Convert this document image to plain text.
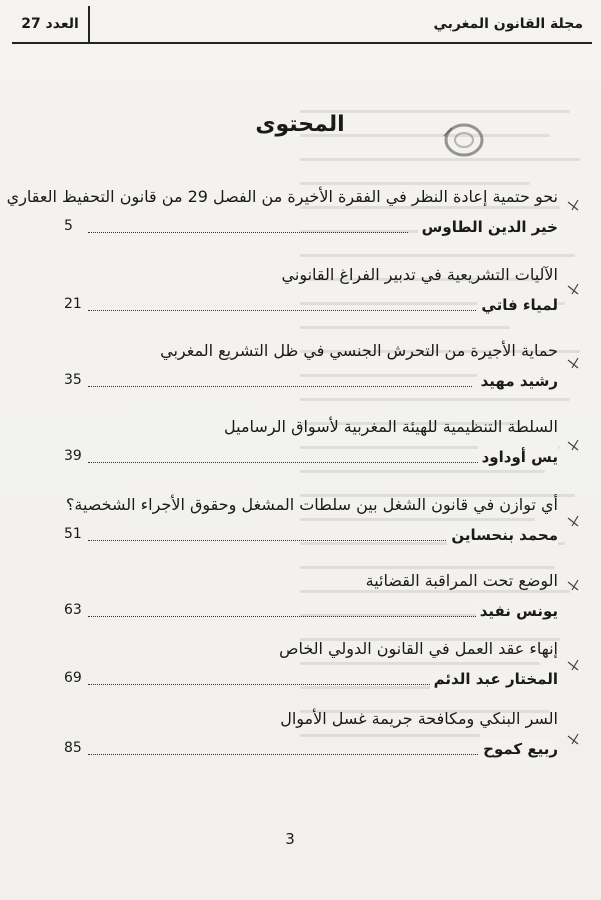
العدد 27	مجلة القانون المغربي
المحتوى
نحو حتمية إعادة النظر في الفقرة الأخيرة من الفصل 29 من قانون التحفيظ العقاري
5	خير الدين الطاوس
الآليات التشريعية في تدبير الفراغ القانوني
21	لمياء فاتي
حماية الأجيرة من التحرش الجنسي في ظل التشريع المغربي
35	رشيد مهيد
السلطة التنظيمية للهيئة المغربية لأسواق الرساميل
39	يس أوداود
أي توازن في قانون الشغل بين سلطات المشغل وحقوق الأجراء الشخصية؟
51	محمد بنحساين
الوضع تحت المراقبة القضائية
63	يونس نفيد
إنهاء عقد العمل في القانون الدولي الخاص
69	المختار عبد الدئم
السر البنكي ومكافحة جريمة غسل الأموال
85	ربيع كموح
3
